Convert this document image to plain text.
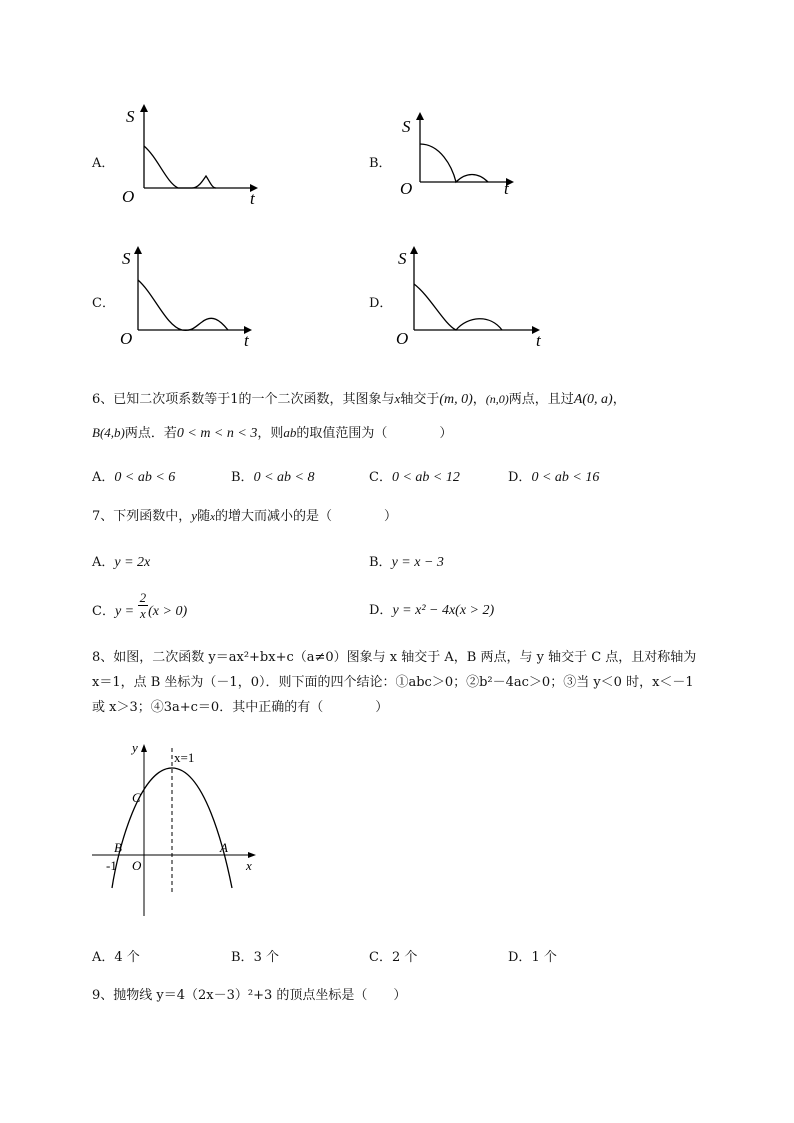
A．
S
O	t
B．
S
O	t
C．
S
O	t
D．
S
O	t
6、已知二次项系数等于1的一个二次函数，其图象与x轴交于(m, 0)，(n,0)两点，且过A(0, a)，
B(4,b)两点．若0 < m < n < 3，则ab的取值范围为（　　　　）
A．0 < ab < 6	B．0 < ab < 8	C．0 < ab < 12	D．0 < ab < 16
7、下列函数中，y随x的增大而减小的是（　　　　）
A．y = 2x	B．y = x − 3
C．$y = \frac{2}{x} (x > 0)$	D．y = x² − 4x(x > 2)
8、如图，二次函数 y＝ax²+bx+c（a≠0）图象与 x 轴交于 A，B 两点，与 y 轴交于 C 点，且对称轴为
x＝1，点 B 坐标为（－1，0）．则下面的四个结论：①abc＞0；②b²－4ac＞0；③当 y＜0 时，x＜－1
或 x＞3；④3a+c＝0．其中正确的有（　　　　）
y
x
x=1
C
B	A
O
-1
A．4 个	B．3 个	C．2 个	D．1 个
9、抛物线 y＝4（2x－3）²+3 的顶点坐标是（　　）
